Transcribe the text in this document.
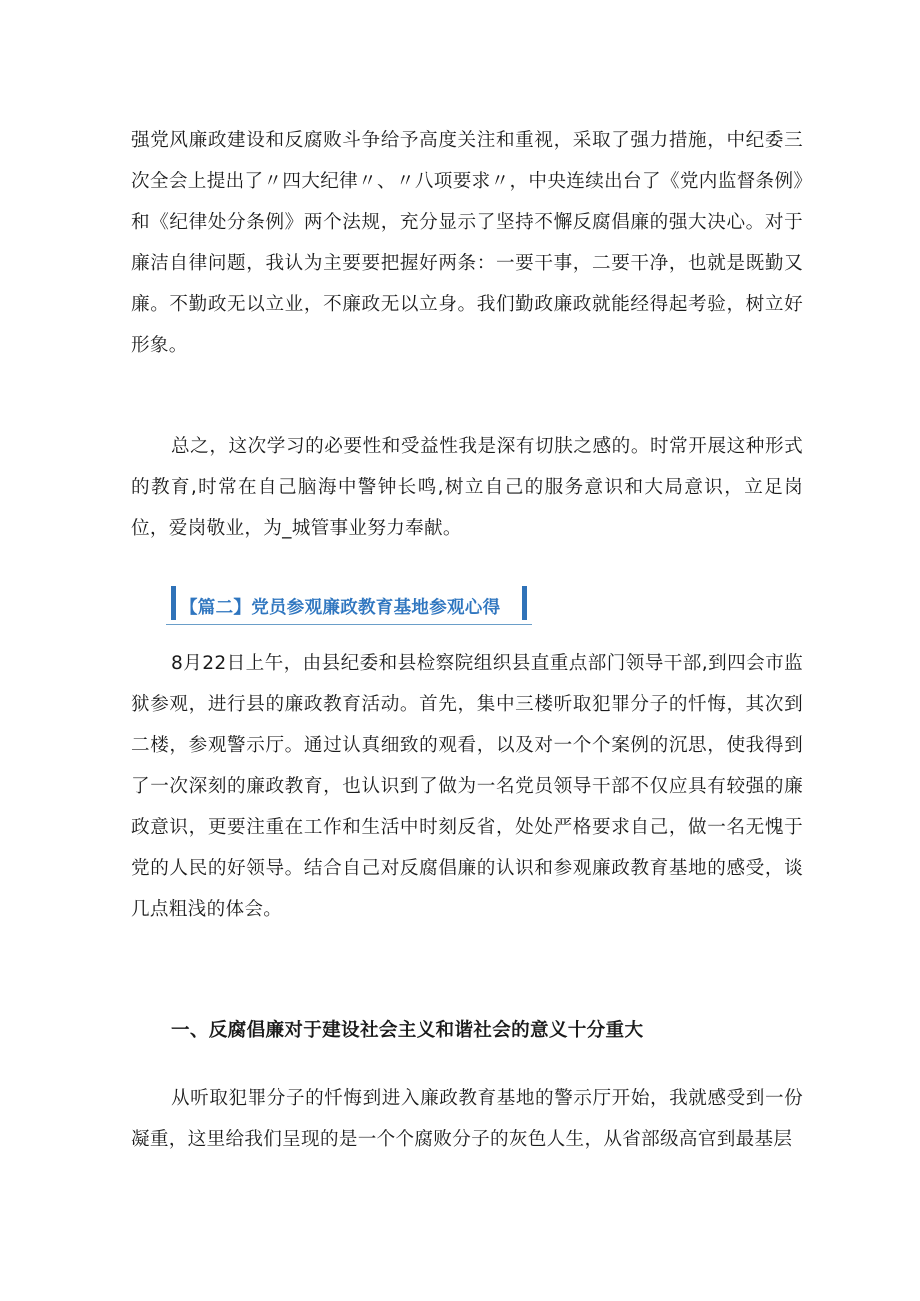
强党风廉政建设和反腐败斗争给予高度关注和重视，采取了强力措施，中纪委三次全会上提出了〃四大纪律〃、〃八项要求〃，中央连续出台了《党内监督条例》和《纪律处分条例》两个法规，充分显示了坚持不懈反腐倡廉的强大决心。对于廉洁自律问题，我认为主要要把握好两条：一要干事，二要干净，也就是既勤又廉。不勤政无以立业，不廉政无以立身。我们勤政廉政就能经得起考验，树立好形象。

总之，这次学习的必要性和受益性我是深有切肤之感的。时常开展这种形式的教育,时常在自己脑海中警钟长鸣,树立自己的服务意识和大局意识，立足岗位，爱岗敬业，为_城管事业努力奉献。

【篇二】党员参观廉政教育基地参观心得

8月22日上午，由县纪委和县检察院组织县直重点部门领导干部,到四会市监狱参观，进行县的廉政教育活动。首先，集中三楼听取犯罪分子的忏悔，其次到二楼，参观警示厅。通过认真细致的观看，以及对一个个案例的沉思，使我得到了一次深刻的廉政教育，也认识到了做为一名党员领导干部不仅应具有较强的廉政意识，更要注重在工作和生活中时刻反省，处处严格要求自己，做一名无愧于党的人民的好领导。结合自己对反腐倡廉的认识和参观廉政教育基地的感受，谈几点粗浅的体会。

一、反腐倡廉对于建设社会主义和谐社会的意义十分重大

从听取犯罪分子的忏悔到进入廉政教育基地的警示厅开始，我就感受到一份凝重，这里给我们呈现的是一个个腐败分子的灰色人生，从省部级高官到最基层
